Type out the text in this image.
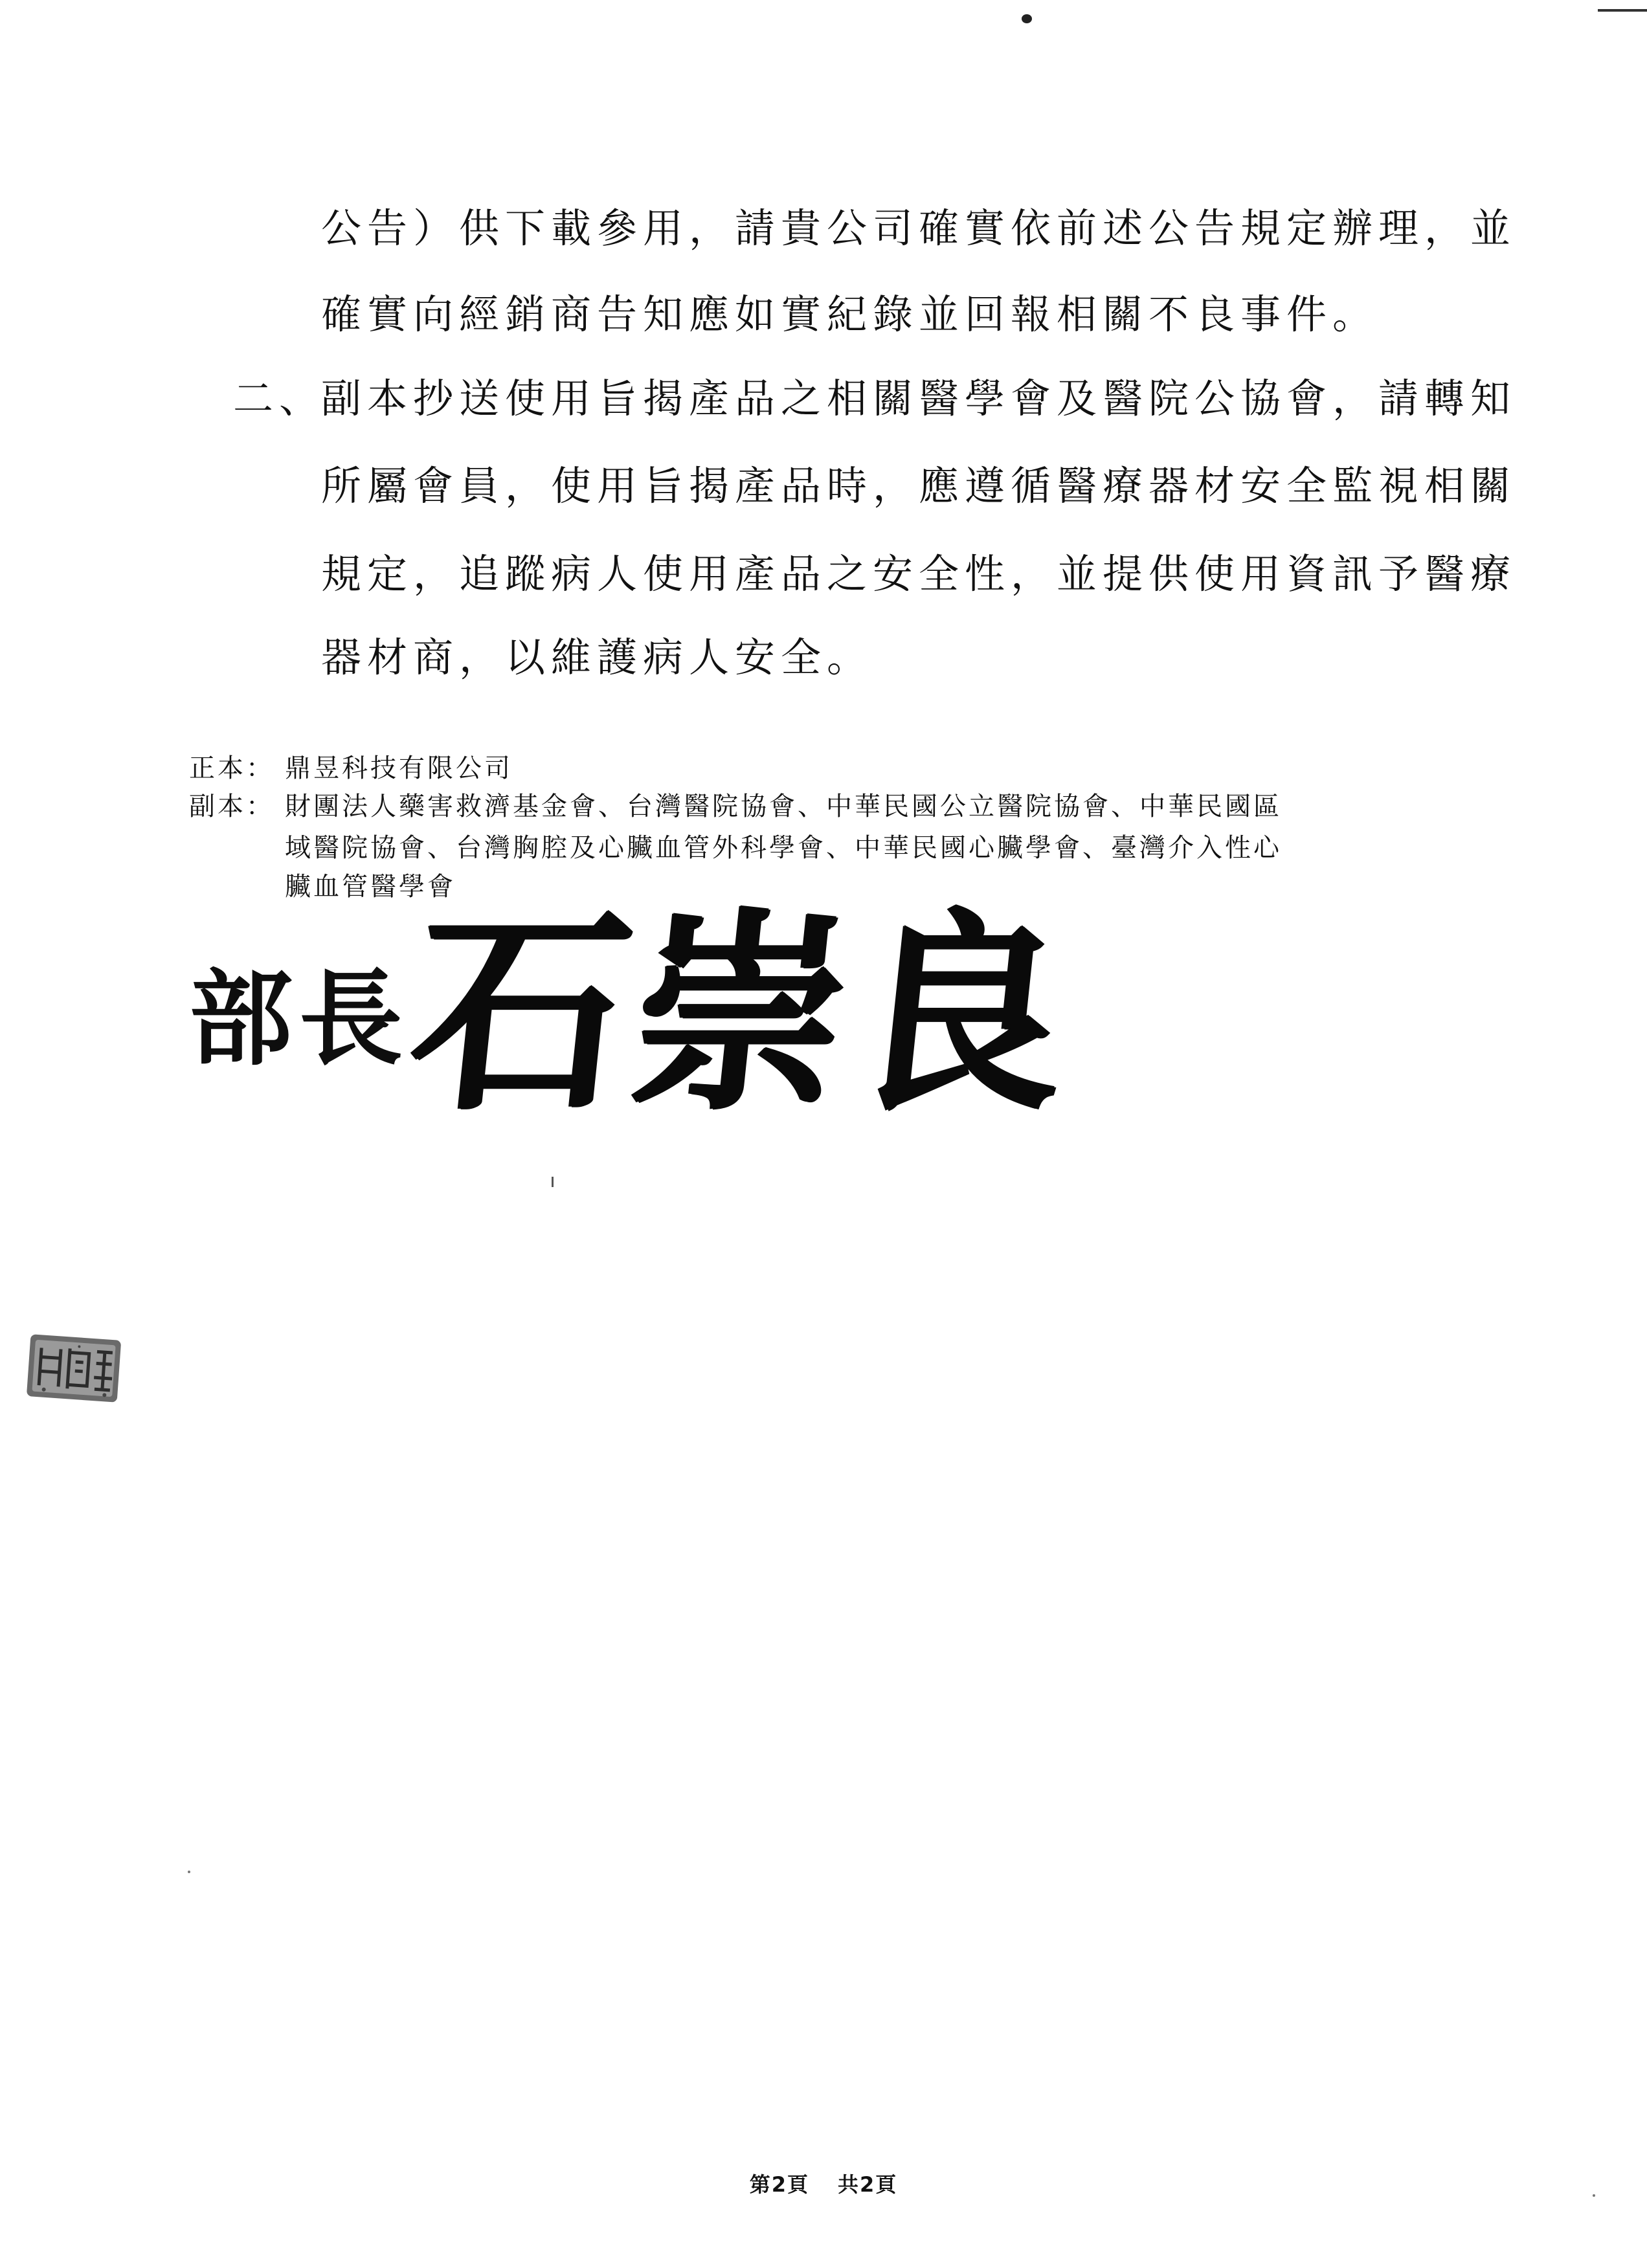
公告）供下載參用，請貴公司確實依前述公告規定辦理，並
確實向經銷商告知應如實紀錄並回報相關不良事件。
二、
副本抄送使用旨揭產品之相關醫學會及醫院公協會，請轉知
所屬會員，使用旨揭產品時，應遵循醫療器材安全監視相關
規定，追蹤病人使用產品之安全性，並提供使用資訊予醫療
器材商，以維護病人安全。
正本： 鼎昱科技有限公司
副本： 財團法人藥害救濟基金會、台灣醫院協會、中華民國公立醫院協會、中華民國區
域醫院協會、台灣胸腔及心臟血管外科學會、中華民國心臟學會、臺灣介入性心
臟血管醫學會
部長
石崇良
第2頁 共2頁
